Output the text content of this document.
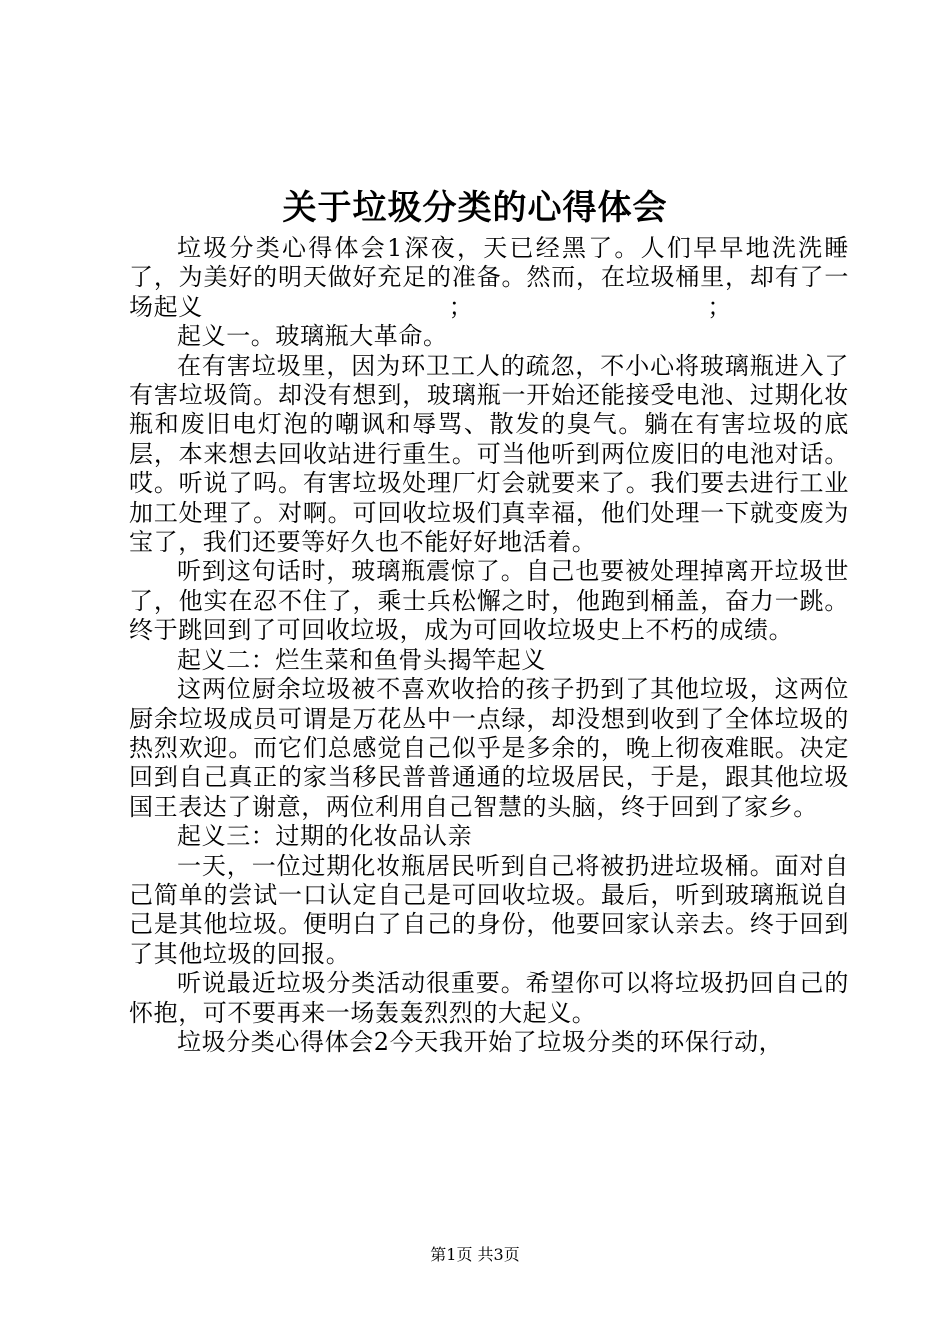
关于垃圾分类的心得体会

垃圾分类心得体会1深夜，天已经黑了。人们早早地洗洗睡了，为美好的明天做好充足的准备。然而，在垃圾桶里，却有了一场起义　　　　　　　　　　；　　　　　　　　　　；

起义一。玻璃瓶大革命。

在有害垃圾里，因为环卫工人的疏忽，不小心将玻璃瓶进入了有害垃圾筒。却没有想到，玻璃瓶一开始还能接受电池、过期化妆瓶和废旧电灯泡的嘲讽和辱骂、散发的臭气。躺在有害垃圾的底层，本来想去回收站进行重生。可当他听到两位废旧的电池对话。哎。听说了吗。有害垃圾处理厂灯会就要来了。我们要去进行工业加工处理了。对啊。可回收垃圾们真幸福，他们处理一下就变废为宝了，我们还要等好久也不能好好地活着。

听到这句话时，玻璃瓶震惊了。自己也要被处理掉离开垃圾世了，他实在忍不住了，乘士兵松懈之时，他跑到桶盖，奋力一跳。终于跳回到了可回收垃圾，成为可回收垃圾史上不朽的成绩。

起义二：烂生菜和鱼骨头揭竿起义

这两位厨余垃圾被不喜欢收拾的孩子扔到了其他垃圾，这两位厨余垃圾成员可谓是万花丛中一点绿，却没想到收到了全体垃圾的热烈欢迎。而它们总感觉自己似乎是多余的，晚上彻夜难眠。决定回到自己真正的家当移民普普通通的垃圾居民，于是，跟其他垃圾国王表达了谢意，两位利用自己智慧的头脑，终于回到了家乡。

起义三：过期的化妆品认亲

一天，一位过期化妆瓶居民听到自己将被扔进垃圾桶。面对自己简单的尝试一口认定自己是可回收垃圾。最后，听到玻璃瓶说自己是其他垃圾。便明白了自己的身份，他要回家认亲去。终于回到了其他垃圾的回报。

听说最近垃圾分类活动很重要。希望你可以将垃圾扔回自己的怀抱，可不要再来一场轰轰烈烈的大起义。

垃圾分类心得体会2今天我开始了垃圾分类的环保行动，

第1页 共3页
